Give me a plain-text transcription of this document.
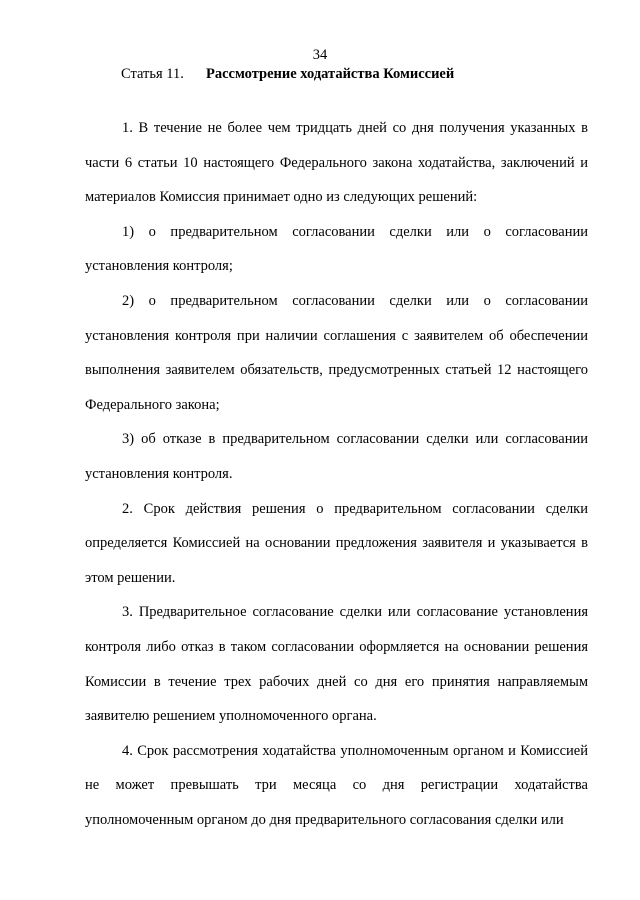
34
Статья 11. Рассмотрение ходатайства Комиссией

1. В течение не более чем тридцать дней со дня получения указанных в части 6 статьи 10 настоящего Федерального закона ходатайства, заключений и материалов Комиссия принимает одно из следующих решений:

1) о предварительном согласовании сделки или о согласовании установления контроля;

2) о предварительном согласовании сделки или о согласовании установления контроля при наличии соглашения с заявителем об обеспечении выполнения заявителем обязательств, предусмотренных статьей 12 настоящего Федерального закона;

3) об отказе в предварительном согласовании сделки или согласовании установления контроля.

2. Срок действия решения о предварительном согласовании сделки определяется Комиссией на основании предложения заявителя и указывается в этом решении.

3. Предварительное согласование сделки или согласование установления контроля либо отказ в таком согласовании оформляется на основании решения Комиссии в течение трех рабочих дней со дня его принятия направляемым заявителю решением уполномоченного органа.

4. Срок рассмотрения ходатайства уполномоченным органом и Комиссией не может превышать три месяца со дня регистрации ходатайства уполномоченным органом до дня предварительного согласования сделки или
